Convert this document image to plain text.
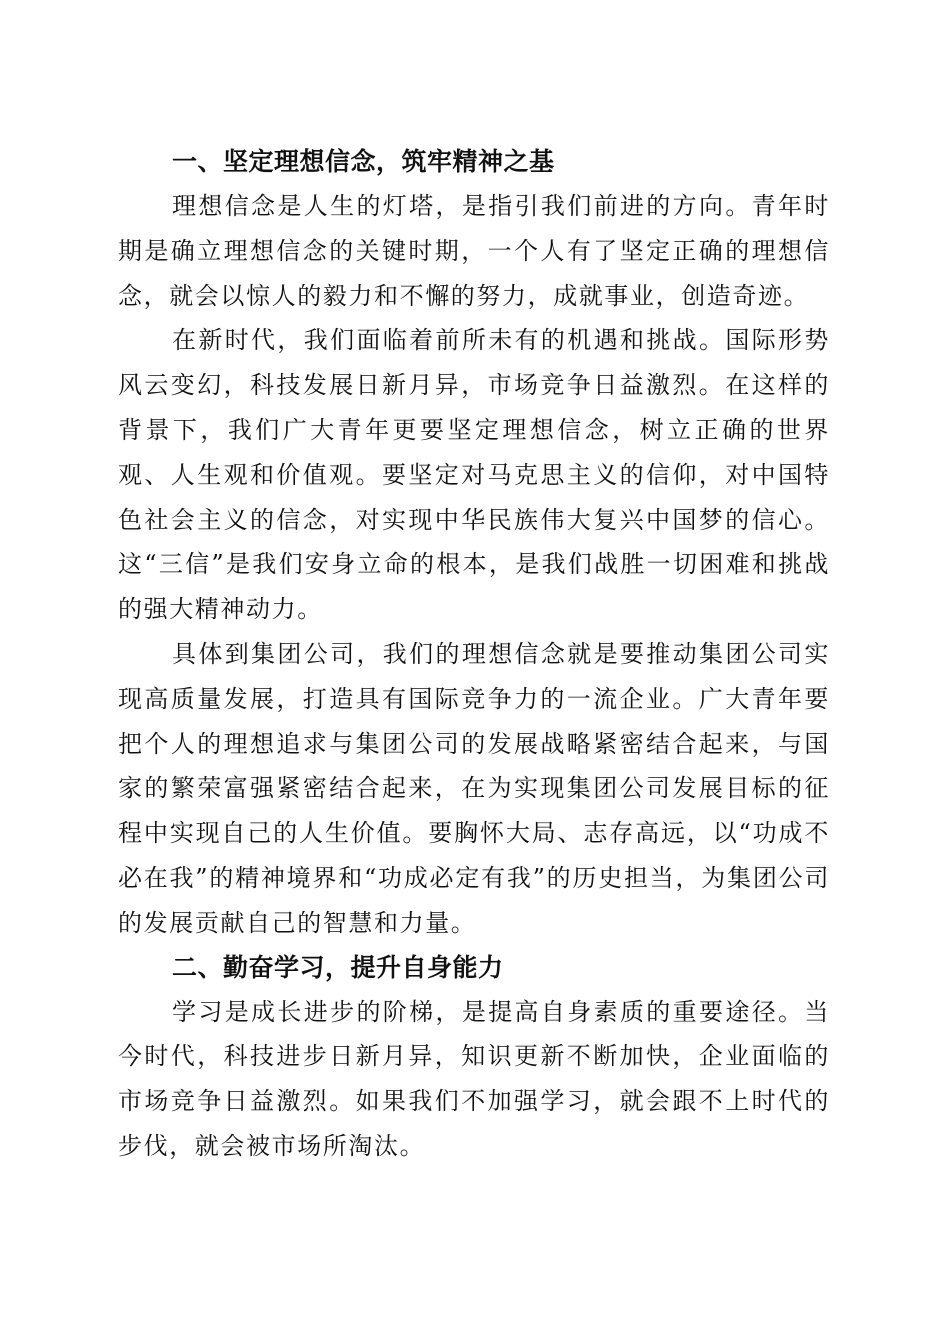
一、坚定理想信念，筑牢精神之基

理想信念是人生的灯塔，是指引我们前进的方向。青年时期是确立理想信念的关键时期，一个人有了坚定正确的理想信念，就会以惊人的毅力和不懈的努力，成就事业，创造奇迹。

在新时代，我们面临着前所未有的机遇和挑战。国际形势风云变幻，科技发展日新月异，市场竞争日益激烈。在这样的背景下，我们广大青年更要坚定理想信念，树立正确的世界观、人生观和价值观。要坚定对马克思主义的信仰，对中国特色社会主义的信念，对实现中华民族伟大复兴中国梦的信心。这“三信”是我们安身立命的根本，是我们战胜一切困难和挑战的强大精神动力。

具体到集团公司，我们的理想信念就是要推动集团公司实现高质量发展，打造具有国际竞争力的一流企业。广大青年要把个人的理想追求与集团公司的发展战略紧密结合起来，与国家的繁荣富强紧密结合起来，在为实现集团公司发展目标的征程中实现自己的人生价值。要胸怀大局、志存高远，以“功成不必在我”的精神境界和“功成必定有我”的历史担当，为集团公司的发展贡献自己的智慧和力量。

二、勤奋学习，提升自身能力

学习是成长进步的阶梯，是提高自身素质的重要途径。当今时代，科技进步日新月异，知识更新不断加快，企业面临的市场竞争日益激烈。如果我们不加强学习，就会跟不上时代的步伐，就会被市场所淘汰。
